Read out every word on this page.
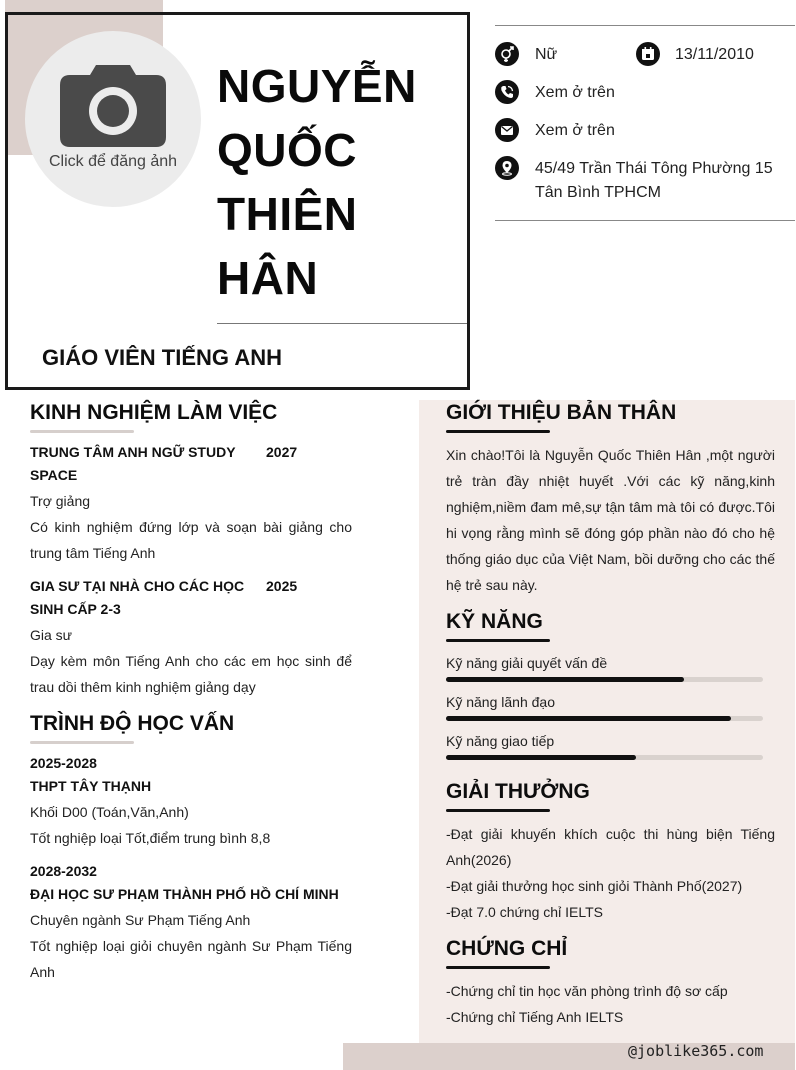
Click để đăng ảnh
NGUYỄN
QUỐC
THIÊN
HÂN
GIÁO VIÊN TIẾNG ANH
Nữ	13/11/2010
Xem ở trên
Xem ở trên
45/49 Trần Thái Tông Phường 15
Tân Bình TPHCM
KINH NGHIỆM LÀM VIỆC
TRUNG TÂM ANH NGỮ STUDY 2027
SPACE
Trợ giảng
Có kinh nghiệm đứng lớp và soạn bài giảng cho
trung tâm Tiếng Anh
GIA SƯ TẠI NHÀ CHO CÁC HỌC 2025
SINH CẤP 2-3
Gia sư
Dạy kèm môn Tiếng Anh cho các em học sinh để
trau dồi thêm kinh nghiệm giảng dạy
TRÌNH ĐỘ HỌC VẤN
2025-2028
THPT TÂY THẠNH
Khối D00 (Toán,Văn,Anh)
Tốt nghiệp loại Tốt,điểm trung bình 8,8
2028-2032
ĐẠI HỌC SƯ PHẠM THÀNH PHỐ HỒ CHÍ MINH
Chuyên ngành Sư Phạm Tiếng Anh
Tốt nghiệp loại giỏi chuyên ngành Sư Phạm Tiếng
Anh
GIỚI THIỆU BẢN THÂN
Xin chào!Tôi là Nguyễn Quốc Thiên Hân ,một người
trẻ tràn đầy nhiệt huyết .Với các kỹ năng,kinh
nghiệm,niềm đam mê,sự tận tâm mà tôi có được.Tôi
hi vọng rằng mình sẽ đóng góp phần nào đó cho hệ
thống giáo dục của Việt Nam, bồi dưỡng cho các thế
hệ trẻ sau này.
KỸ NĂNG
Kỹ năng giải quyết vấn đề
Kỹ năng lãnh đạo
Kỹ năng giao tiếp
GIẢI THƯỞNG
-Đạt giải khuyến khích cuộc thi hùng biện Tiếng
Anh(2026)
-Đạt giải thưởng học sinh giỏi Thành Phố(2027)
-Đạt 7.0 chứng chỉ IELTS
CHỨNG CHỈ
-Chứng chỉ tin học văn phòng trình độ sơ cấp
-Chứng chỉ Tiếng Anh IELTS
@joblike365.com
